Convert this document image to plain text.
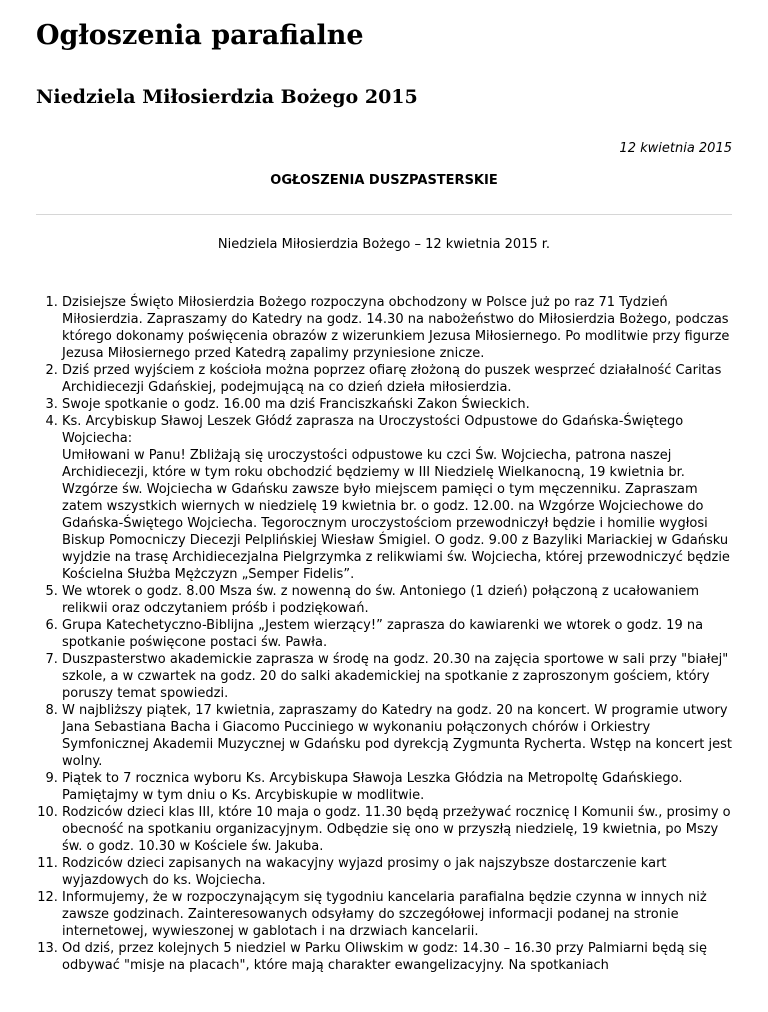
Ogłoszenia parafialne
Niedziela Miłosierdzia Bożego 2015
12 kwietnia 2015
OGŁOSZENIA DUSZPASTERSKIE
Niedziela Miłosierdzia Bożego – 12 kwietnia 2015 r.
1. Dzisiejsze Święto Miłosierdzia Bożego rozpoczyna obchodzony w Polsce już po raz 71 Tydzień Miłosierdzia. Zapraszamy do Katedry na godz. 14.30 na nabożeństwo do Miłosierdzia Bożego, podczas którego dokonamy poświęcenia obrazów z wizerunkiem Jezusa Miłosiernego. Po modlitwie przy figurze Jezusa Miłosiernego przed Katedrą zapalimy przyniesione znicze.
2. Dziś przed wyjściem z kościoła można poprzez ofiarę złożoną do puszek wesprzeć działalność Caritas Archidiecezji Gdańskiej, podejmującą na co dzień dzieła miłosierdzia.
3. Swoje spotkanie o godz. 16.00 ma dziś Franciszkański Zakon Świeckich.
4. Ks. Arcybiskup Sławoj Leszek Głódź zaprasza na Uroczystości Odpustowe do Gdańska-Świętego Wojciecha:
Umiłowani w Panu! Zbliżają się uroczystości odpustowe ku czci Św. Wojciecha, patrona naszej Archidiecezji, które w tym roku obchodzić będziemy w III Niedzielę Wielkanocną, 19 kwietnia br. Wzgórze św. Wojciecha w Gdańsku zawsze było miejscem pamięci o tym męczenniku. Zapraszam zatem wszystkich wiernych w niedzielę 19 kwietnia br. o godz. 12.00. na Wzgórze Wojciechowe do Gdańska-Świętego Wojciecha. Tegorocznym uroczystościom przewodniczył będzie i homilie wygłosi Biskup Pomocniczy Diecezji Pelplińskiej Wiesław Śmigiel. O godz. 9.00 z Bazyliki Mariackiej w Gdańsku wyjdzie na trasę Archidiecezjalna Pielgrzymka z relikwiami św. Wojciecha, której przewodniczyć będzie Kościelna Służba Mężczyzn „Semper Fidelis”.
5. We wtorek o godz. 8.00 Msza św. z nowenną do św. Antoniego (1 dzień) połączoną z ucałowaniem relikwii oraz odczytaniem próśb i podziękowań.
6. Grupa Katechetyczno-Biblijna „Jestem wierzący!” zaprasza do kawiarenki we wtorek o godz. 19 na spotkanie poświęcone postaci św. Pawła.
7. Duszpasterstwo akademickie zaprasza w środę na godz. 20.30 na zajęcia sportowe w sali przy "białej" szkole, a w czwartek na godz. 20 do salki akademickiej na spotkanie z zaproszonym gościem, który poruszy temat spowiedzi.
8. W najbliższy piątek, 17 kwietnia, zapraszamy do Katedry na godz. 20 na koncert. W programie utwory Jana Sebastiana Bacha i Giacomo Pucciniego w wykonaniu połączonych chórów i Orkiestry Symfonicznej Akademii Muzycznej w Gdańsku pod dyrekcją Zygmunta Rycherta. Wstęp na koncert jest wolny.
9. Piątek to 7 rocznica wyboru Ks. Arcybiskupa Sławoja Leszka Głódzia na Metropoltę Gdańskiego. Pamiętajmy w tym dniu o Ks. Arcybiskupie w modlitwie.
10. Rodziców dzieci klas III, które 10 maja o godz. 11.30 będą przeżywać rocznicę I Komunii św., prosimy o obecność na spotkaniu organizacyjnym. Odbędzie się ono w przyszłą niedzielę, 19 kwietnia, po Mszy św. o godz. 10.30 w Kościele św. Jakuba.
11. Rodziców dzieci zapisanych na wakacyjny wyjazd prosimy o jak najszybsze dostarczenie kart wyjazdowych do ks. Wojciecha.
12. Informujemy, że w rozpoczynającym się tygodniu kancelaria parafialna będzie czynna w innych niż zawsze godzinach. Zainteresowanych odsyłamy do szczegółowej informacji podanej na stronie internetowej, wywieszonej w gablotach i na drzwiach kancelarii.
13. Od dziś, przez kolejnych 5 niedziel w Parku Oliwskim w godz: 14.30 – 16.30 przy Palmiarni będą się odbywać "misje na placach", które mają charakter ewangelizacyjny. Na spotkaniach
